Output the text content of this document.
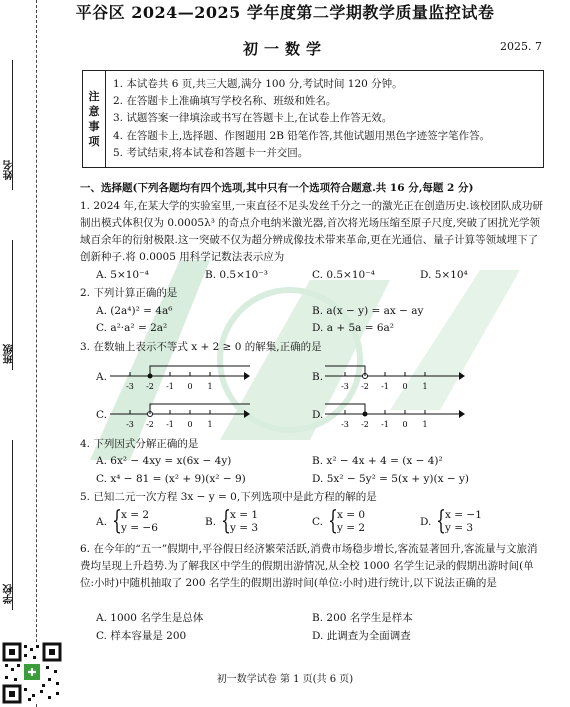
姓名
班级
学校
平谷区 2024—2025 学年度第二学期教学质量监控试卷
初一数学	2025. 7
注
意
事
项
1. 本试卷共 6 页,共三大题,满分 100 分,考试时间 120 分钟。
2. 在答题卡上准确填写学校名称、班级和姓名。
3. 试题答案一律填涂或书写在答题卡上,在试卷上作答无效。
4. 在答题卡上,选择题、作图题用 2B 铅笔作答,其他试题用黑色字迹签字笔作答。
5. 考试结束,将本试卷和答题卡一并交回。
一、选择题(下列各题均有四个选项,其中只有一个选项符合题意.共 16 分,每题 2 分)
1. 2024 年,在某大学的实验室里,一束直径不足头发丝千分之一的激光正在创造历史.该校团队成功研制出模式体积仅为 0.0005λ³ 的奇点介电纳米激光器,首次将光场压缩至原子尺度,突破了困扰光学领域百余年的衍射极限.这一突破不仅为超分辨成像技术带来革命,更在光通信、量子计算等领域埋下了创新种子.将 0.0005 用科学记数法表示应为
A. 5×10⁻⁴	B. 0.5×10⁻³	C. 0.5×10⁻⁴	D. 5×10⁴
2. 下列计算正确的是
A. (2a⁴)² = 4a⁶	B. a(x − y) = ax − ay
C. a²·a² = 2a²	D. a + 5a = 6a²
3. 在数轴上表示不等式 x + 2 ≥ 0 的解集,正确的是
A.	B.
C.	D.
-3 -2 -1 0 1	-3 -2 -1 0 1
-3 -2 -1 0 1	-3 -2 -1 0 1
4. 下列因式分解正确的是
A. 6x² − 4xy = x(6x − 4y)	B. x² − 4x + 4 = (x − 4)²
C. x⁴ − 81 = (x² + 9)(x² − 9)	D. 5x² − 5y² = 5(x + y)(x − y)
5. 已知二元一次方程 3x − y = 0,下列选项中是此方程的解的是
A. { x = 2
y = −6	B. { x = 1
y = 3	C. { x = 0
y = 2	D. { x = −1
y = 3
6. 在今年的“五一”假期中,平谷假日经济繁荣活跃,消费市场稳步增长,客流显著回升,客流量与文旅消费均呈现上升趋势.为了解我区中学生的假期出游情况,从全校 1000 名学生记录的假期出游时间(单位:小时)中随机抽取了 200 名学生的假期出游时间(单位:小时)进行统计,以下说法正确的是
A. 1000 名学生是总体	B. 200 名学生是样本
C. 样本容量是 200	D. 此调查为全面调查
✚
初一数学试卷 第 1 页(共 6 页)
